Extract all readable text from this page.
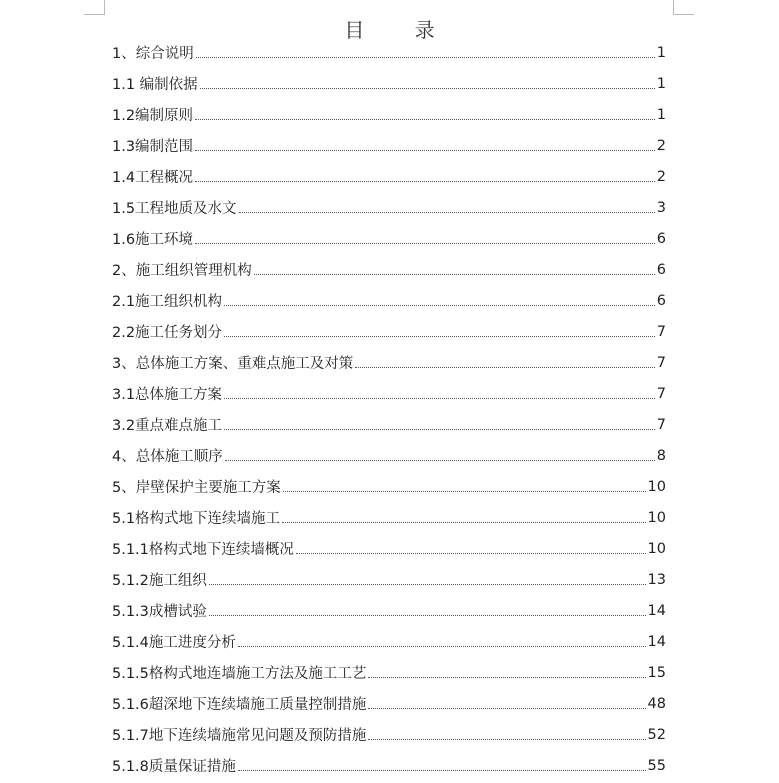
目 录
1、综合说明	1
1.1 编制依据	1
1.2编制原则	1
1.3编制范围	2
1.4工程概况	2
1.5工程地质及水文	3
1.6施工环境	6
2、施工组织管理机构	6
2.1施工组织机构	6
2.2施工任务划分	7
3、总体施工方案、重难点施工及对策	7
3.1总体施工方案	7
3.2重点难点施工	7
4、总体施工顺序	8
5、岸壁保护主要施工方案	10
5.1格构式地下连续墙施工	10
5.1.1格构式地下连续墙概况	10
5.1.2施工组织	13
5.1.3成槽试验	14
5.1.4施工进度分析	14
5.1.5格构式地连墙施工方法及施工工艺	15
5.1.6超深地下连续墙施工质量控制措施	48
5.1.7地下连续墙施常见问题及预防措施	52
5.1.8质量保证措施	55
